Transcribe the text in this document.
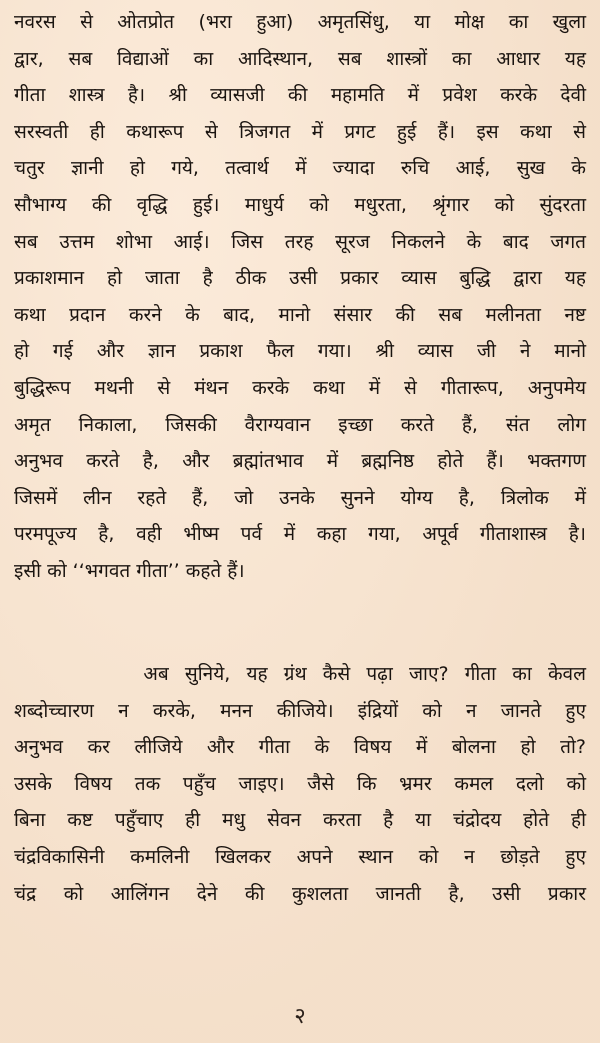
नवरस से ओतप्रोत (भरा हुआ) अमृतसिंधु, या मोक्ष का खुला
द्वार, सब विद्याओं का आदिस्थान, सब शास्त्रों का आधार यह
गीता शास्त्र है। श्री व्यासजी की महामति में प्रवेश करके देवी
सरस्वती ही कथारूप से त्रिजगत में प्रगट हुई हैं। इस कथा से
चतुर ज्ञानी हो गये, तत्वार्थ में ज्यादा रुचि आई, सुख के
सौभाग्य की वृद्धि हुई। माधुर्य को मधुरता, श्रृंगार को सुंदरता
सब उत्तम शोभा आई। जिस तरह सूरज निकलने के बाद जगत
प्रकाशमान हो जाता है ठीक उसी प्रकार व्यास बुद्धि द्वारा यह
कथा प्रदान करने के बाद, मानो संसार की सब मलीनता नष्ट
हो गई और ज्ञान प्रकाश फैल गया। श्री व्यास जी ने मानो
बुद्धिरूप मथनी से मंथन करके कथा में से गीतारूप, अनुपमेय
अमृत निकाला, जिसकी वैराग्यवान इच्छा करते हैं, संत लोग
अनुभव करते है, और ब्रह्मांतभाव में ब्रह्मनिष्ठ होते हैं। भक्तगण
जिसमें लीन रहते हैं, जो उनके सुनने योग्य है, त्रिलोक में
परमपूज्य है, वही भीष्म पर्व में कहा गया, अपूर्व गीताशास्त्र है।
इसी को ‘‘भगवत गीता’’ कहते हैं।
अब सुनिये, यह ग्रंथ कैसे पढ़ा जाए? गीता का केवल
शब्दोच्चारण न करके, मनन कीजिये। इंद्रियों को न जानते हुए
अनुभव कर लीजिये और गीता के विषय में बोलना हो तो?
उसके विषय तक पहुँच जाइए। जैसे कि भ्रमर कमल दलो को
बिना कष्ट पहुँचाए ही मधु सेवन करता है या चंद्रोदय होते ही
चंद्रविकासिनी कमलिनी खिलकर अपने स्थान को न छोड़ते हुए
चंद्र को आलिंगन देने की कुशलता जानती है, उसी प्रकार
२
